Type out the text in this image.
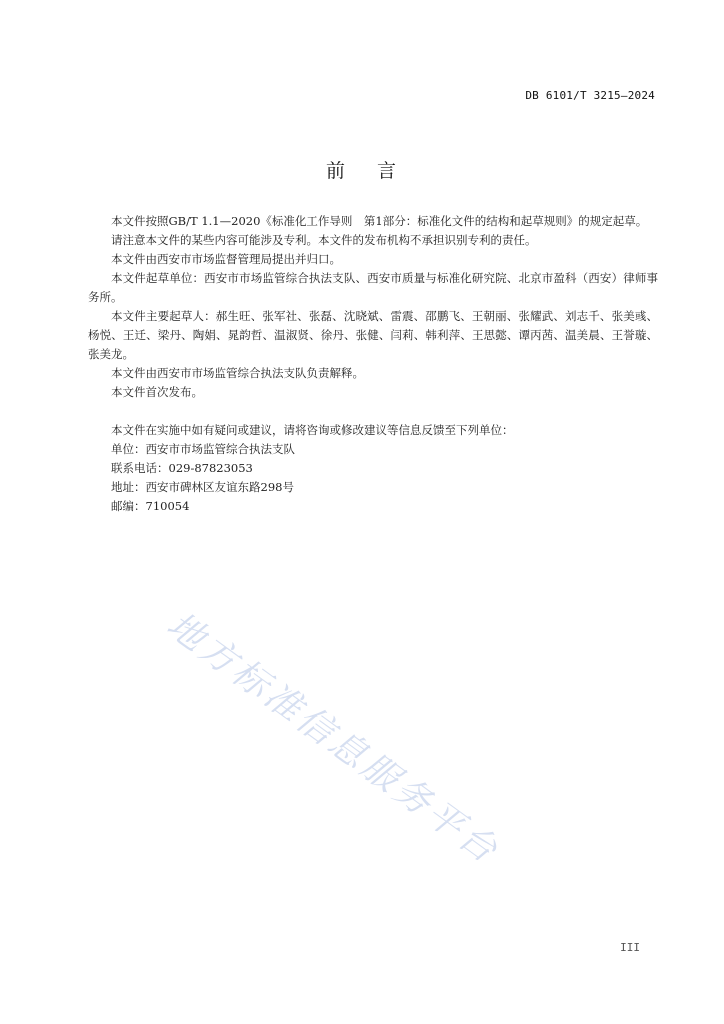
DB 6101/T 3215—2024
前 言

本文件按照GB/T 1.1—2020《标准化工作导则　第1部分：标准化文件的结构和起草规则》的规定起草。

请注意本文件的某些内容可能涉及专利。本文件的发布机构不承担识别专利的责任。

本文件由西安市市场监督管理局提出并归口。

本文件起草单位：西安市市场监管综合执法支队、西安市质量与标准化研究院、北京市盈科（西安）律师事务所。

本文件主要起草人：郝生旺、张军社、张磊、沈晓斌、雷震、邵鹏飞、王朝丽、张耀武、刘志千、张美彧、杨悦、王迁、梁丹、陶娟、晁韵哲、温淑贤、徐丹、张健、闫莉、韩利萍、王思懿、谭丙茜、温美晨、王誉璇、张美龙。

本文件由西安市市场监管综合执法支队负责解释。

本文件首次发布。

本文件在实施中如有疑问或建议，请将咨询或修改建议等信息反馈至下列单位：

单位：西安市市场监管综合执法支队

联系电话：029-87823053

地址：西安市碑林区友谊东路298号

邮编：710054

地方标准信息服务平台
III
